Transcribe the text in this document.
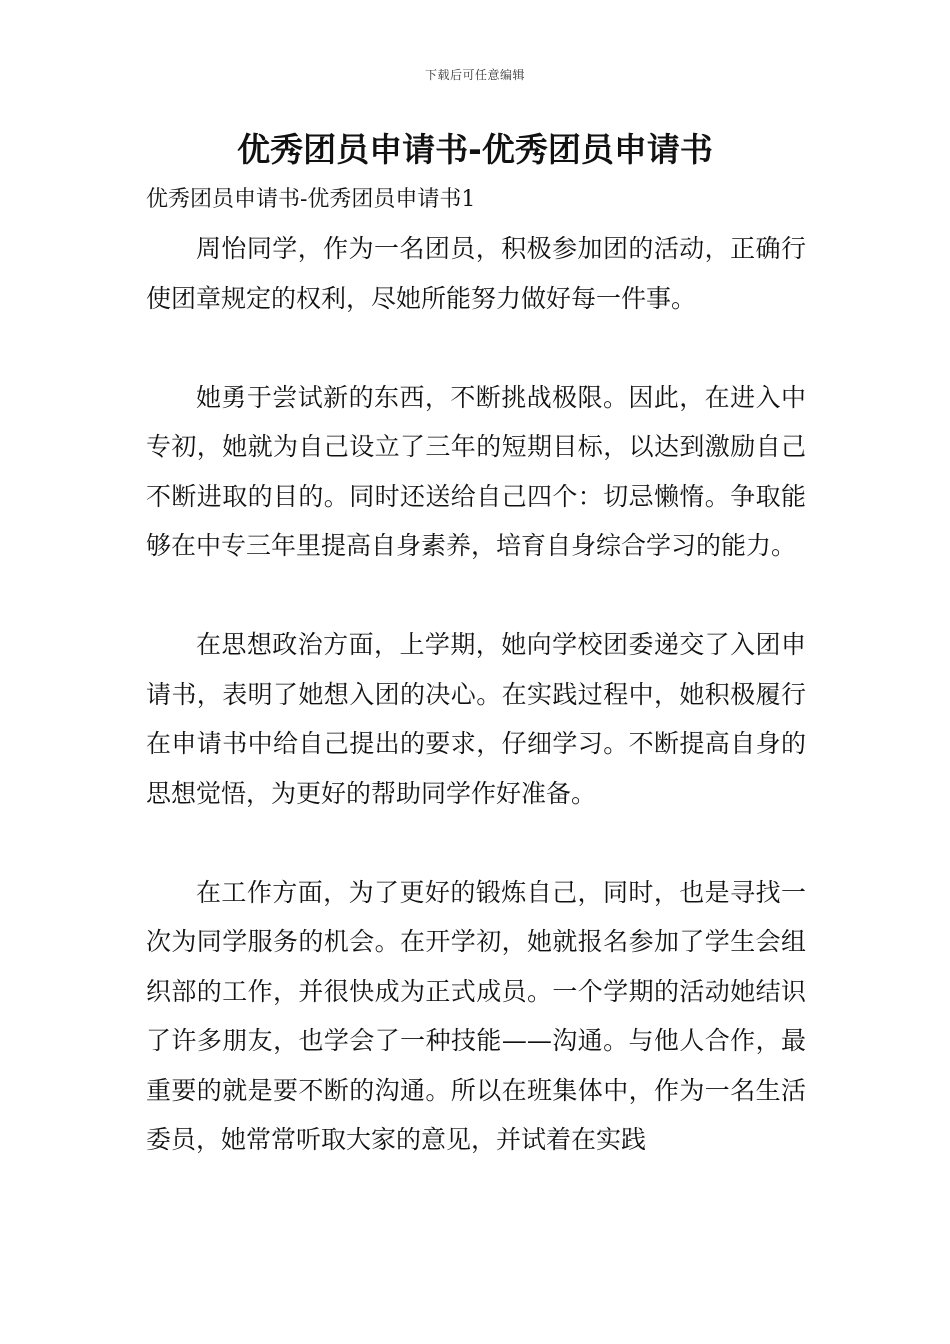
下载后可任意编辑
优秀团员申请书-优秀团员申请书
优秀团员申请书-优秀团员申请书1

周怡同学，作为一名团员，积极参加团的活动，正确行使团章规定的权利，尽她所能努力做好每一件事。

她勇于尝试新的东西，不断挑战极限。因此，在进入中专初，她就为自己设立了三年的短期目标，以达到激励自己不断进取的目的。同时还送给自己四个：切忌懒惰。争取能够在中专三年里提高自身素养，培育自身综合学习的能力。

在思想政治方面，上学期，她向学校团委递交了入团申请书，表明了她想入团的决心。在实践过程中，她积极履行在申请书中给自己提出的要求，仔细学习。不断提高自身的思想觉悟，为更好的帮助同学作好准备。

在工作方面，为了更好的锻炼自己，同时，也是寻找一次为同学服务的机会。在开学初，她就报名参加了学生会组织部的工作，并很快成为正式成员。一个学期的活动她结识了许多朋友，也学会了一种技能——沟通。与他人合作，最重要的就是要不断的沟通。所以在班集体中，作为一名生活委员，她常常听取大家的意见，并试着在实践
